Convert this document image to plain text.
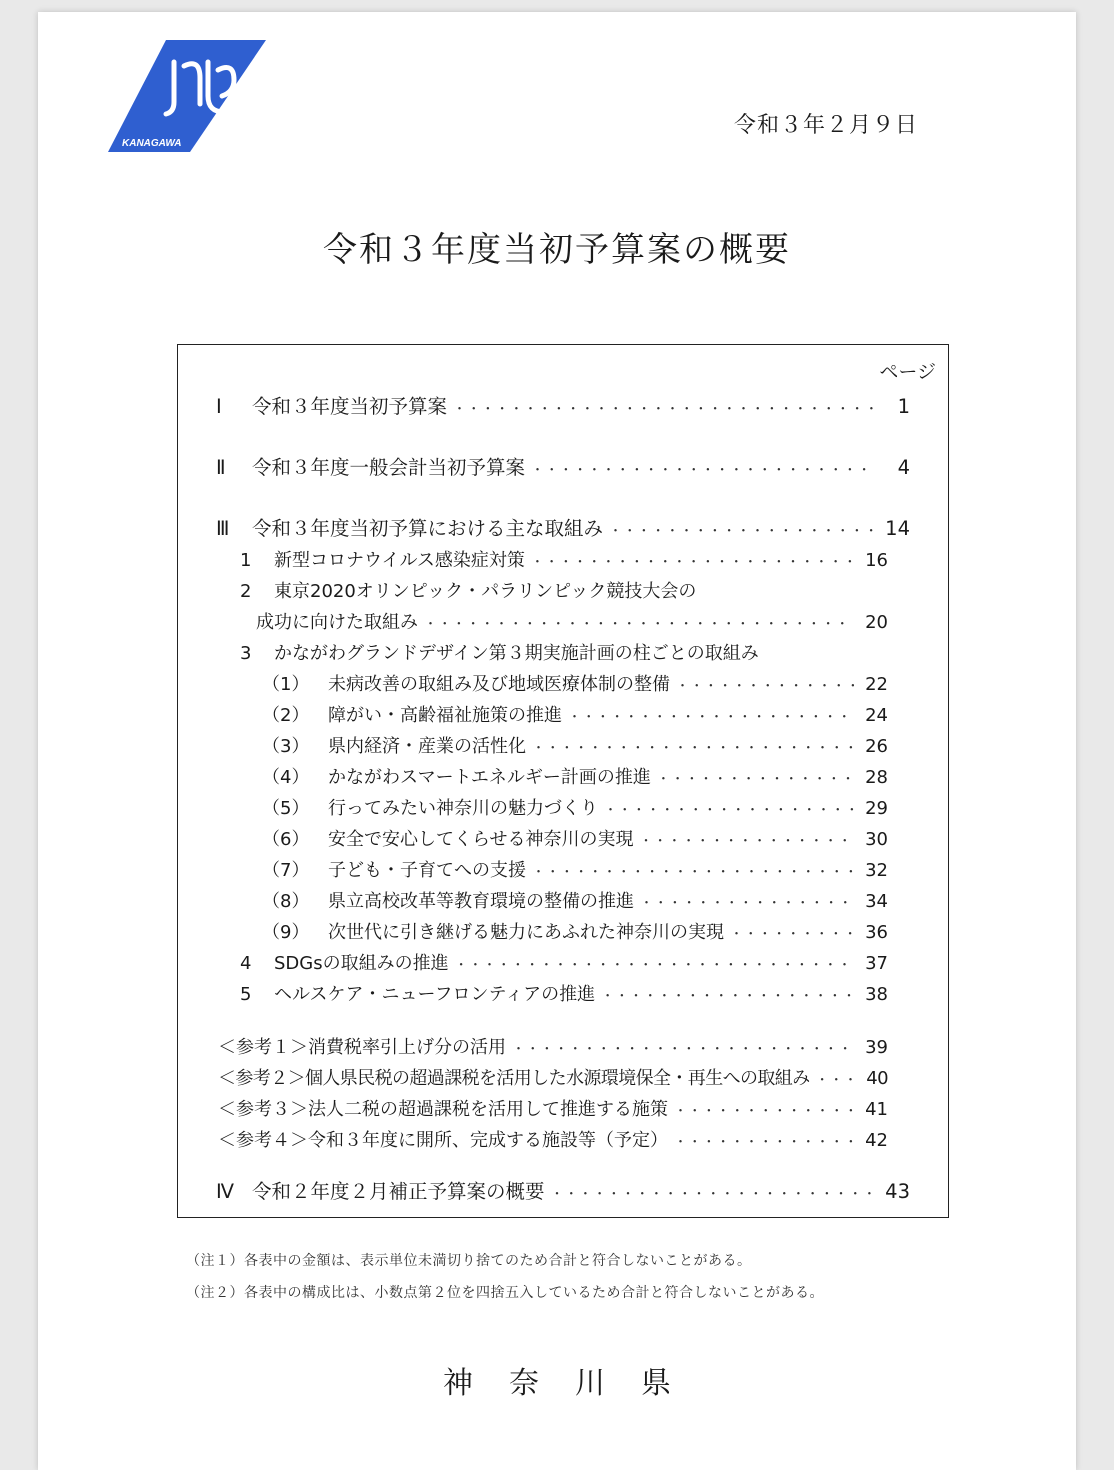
KANAGAWA
令和３年２月９日
令和３年度当初予算案の概要
ページ
Ⅰ	令和３年度当初予算案 ・・・・・・・・・・・・・・・・・・・・・・・・・・・・・・・・・・・・・・・・・・・・・・・・・・・・・・・・・・・・・・・・・・・・・・・・・・・・・・・・・・・・・・・・・・・・・・	1
Ⅱ	令和３年度一般会計当初予算案 ・・・・・・・・・・・・・・・・・・・・・・・・・・・・・・・・・・・・・・・・・・・・・・・・・・・・・・・・・・・・・・・・・・・・・・・・・・・・・・・・・・・・・・・・・・・・・・	4
Ⅲ	令和３年度当初予算における主な取組み ・・・・・・・・・・・・・・・・・・・・・・・・・・・・・・・・・・・・・・・・・・・・・・・・・・・・・・・・・・・・・・・・・・・・・・・・・・・・・・・・・・・・・・・・・・・・・・	14
1	新型コロナウイルス感染症対策 ・・・・・・・・・・・・・・・・・・・・・・・・・・・・・・・・・・・・・・・・・・・・・・・・・・・・・・・・・・・・・・・・・・・・・・・・・・・・・・・・・・・・・・・・・・・・・・	16
2	東京2020オリンピック・パラリンピック競技大会の
成功に向けた取組み ・・・・・・・・・・・・・・・・・・・・・・・・・・・・・・・・・・・・・・・・・・・・・・・・・・・・・・・・・・・・・・・・・・・・・・・・・・・・・・・・・・・・・・・・・・・・・・	20
3	かながわグランドデザイン第３期実施計画の柱ごとの取組み
（1）	未病改善の取組み及び地域医療体制の整備 ・・・・・・・・・・・・・・・・・・・・・・・・・・・・・・・・・・・・・・・・・・・・・・・・・・・・・・・・・・・・・・・・・・・・・・・・・・・・・・・・・・・・・・・・・・・・・・	22
（2）	障がい・高齢福祉施策の推進 ・・・・・・・・・・・・・・・・・・・・・・・・・・・・・・・・・・・・・・・・・・・・・・・・・・・・・・・・・・・・・・・・・・・・・・・・・・・・・・・・・・・・・・・・・・・・・・	24
（3）	県内経済・産業の活性化 ・・・・・・・・・・・・・・・・・・・・・・・・・・・・・・・・・・・・・・・・・・・・・・・・・・・・・・・・・・・・・・・・・・・・・・・・・・・・・・・・・・・・・・・・・・・・・・	26
（4）	かながわスマートエネルギー計画の推進 ・・・・・・・・・・・・・・・・・・・・・・・・・・・・・・・・・・・・・・・・・・・・・・・・・・・・・・・・・・・・・・・・・・・・・・・・・・・・・・・・・・・・・・・・・・・・・・	28
（5）	行ってみたい神奈川の魅力づくり ・・・・・・・・・・・・・・・・・・・・・・・・・・・・・・・・・・・・・・・・・・・・・・・・・・・・・・・・・・・・・・・・・・・・・・・・・・・・・・・・・・・・・・・・・・・・・・	29
（6）	安全で安心してくらせる神奈川の実現 ・・・・・・・・・・・・・・・・・・・・・・・・・・・・・・・・・・・・・・・・・・・・・・・・・・・・・・・・・・・・・・・・・・・・・・・・・・・・・・・・・・・・・・・・・・・・・・	30
（7）	子ども・子育てへの支援 ・・・・・・・・・・・・・・・・・・・・・・・・・・・・・・・・・・・・・・・・・・・・・・・・・・・・・・・・・・・・・・・・・・・・・・・・・・・・・・・・・・・・・・・・・・・・・・	32
（8）	県立高校改革等教育環境の整備の推進 ・・・・・・・・・・・・・・・・・・・・・・・・・・・・・・・・・・・・・・・・・・・・・・・・・・・・・・・・・・・・・・・・・・・・・・・・・・・・・・・・・・・・・・・・・・・・・・	34
（9）	次世代に引き継げる魅力にあふれた神奈川の実現 ・・・・・・・・・・・・・・・・・・・・・・・・・・・・・・・・・・・・・・・・・・・・・・・・・・・・・・・・・・・・・・・・・・・・・・・・・・・・・・・・・・・・・・・・・・・・・・	36
4	SDGsの取組みの推進 ・・・・・・・・・・・・・・・・・・・・・・・・・・・・・・・・・・・・・・・・・・・・・・・・・・・・・・・・・・・・・・・・・・・・・・・・・・・・・・・・・・・・・・・・・・・・・・	37
5	ヘルスケア・ニューフロンティアの推進 ・・・・・・・・・・・・・・・・・・・・・・・・・・・・・・・・・・・・・・・・・・・・・・・・・・・・・・・・・・・・・・・・・・・・・・・・・・・・・・・・・・・・・・・・・・・・・・	38
＜参考１＞消費税率引上げ分の活用 ・・・・・・・・・・・・・・・・・・・・・・・・・・・・・・・・・・・・・・・・・・・・・・・・・・・・・・・・・・・・・・・・・・・・・・・・・・・・・・・・・・・・・・・・・・・・・・	39
＜参考２＞個人県民税の超過課税を活用した水源環境保全・再生への取組み ・・・・・・・・・・・・・・・・・・・・・・・・・・・・・・・・・・・・・・・・・・・・・・・・・・・・・・・・・・・・・・・・・・・・・・・・・・・・・・・・・・・・・・・・・・・・・・	40
＜参考３＞法人二税の超過課税を活用して推進する施策 ・・・・・・・・・・・・・・・・・・・・・・・・・・・・・・・・・・・・・・・・・・・・・・・・・・・・・・・・・・・・・・・・・・・・・・・・・・・・・・・・・・・・・・・・・・・・・・	41
＜参考４＞令和３年度に開所、完成する施設等（予定） ・・・・・・・・・・・・・・・・・・・・・・・・・・・・・・・・・・・・・・・・・・・・・・・・・・・・・・・・・・・・・・・・・・・・・・・・・・・・・・・・・・・・・・・・・・・・・・	42
Ⅳ 令和２年度２月補正予算案の概要 ・・・・・・・・・・・・・・・・・・・・・・・・・・・・・・・・・・・・・・・・・・・・・・・・・・・・・・・・・・・・・・・・・・・・・・・・・・・・・・・・・・・・・・・・・・・・・・	43
（注１）各表中の金額は、表示単位未満切り捨てのため合計と符合しないことがある。
（注２）各表中の構成比は、小数点第２位を四捨五入しているため合計と符合しないことがある。
神 奈 川 県
